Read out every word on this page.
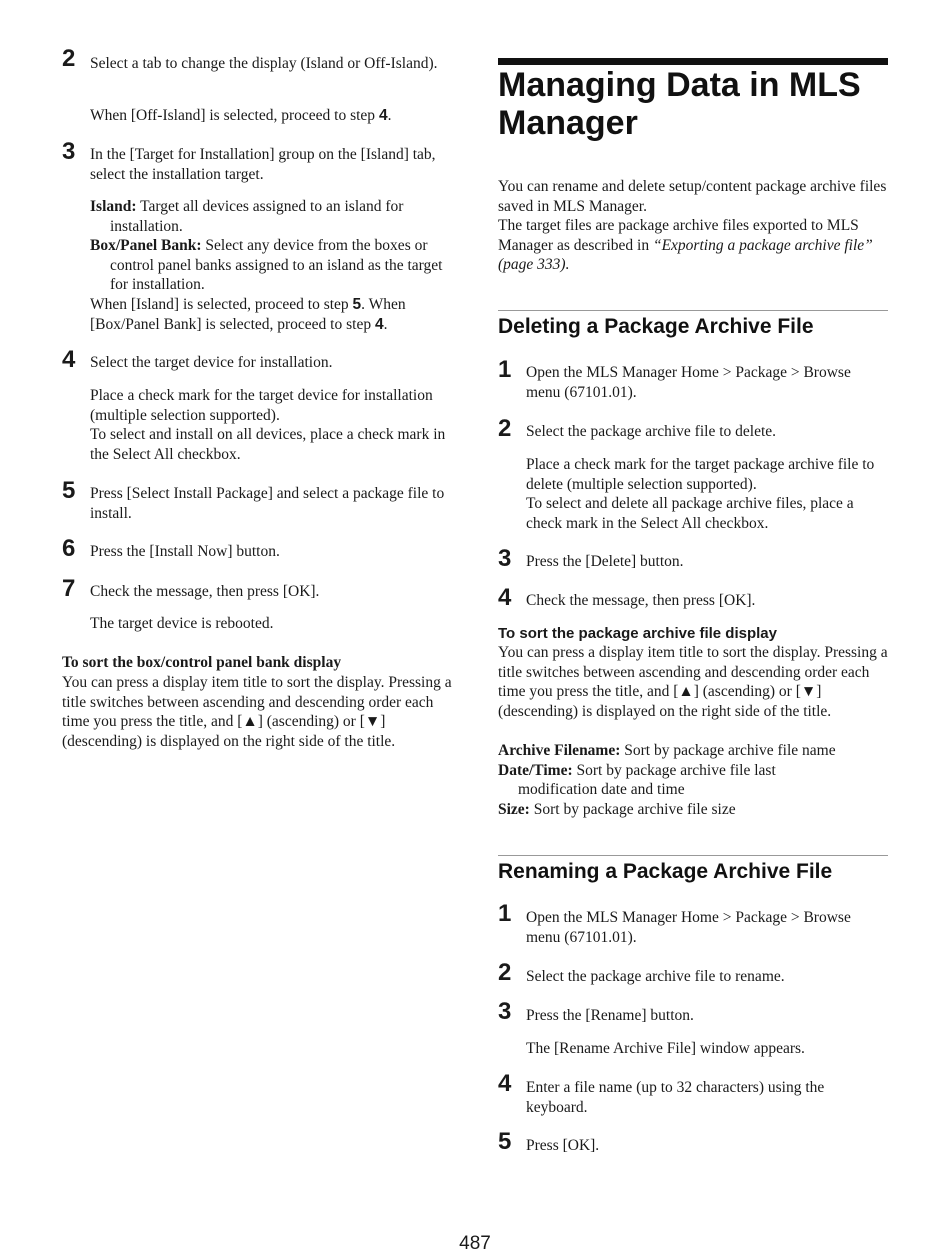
2 Select a tab to change the display (Island or Off-Island).

When [Off-Island] is selected, proceed to step 4.

3 In the [Target for Installation] group on the [Island] tab, select the installation target.

Island: Target all devices assigned to an island for installation.

Box/Panel Bank: Select any device from the boxes or control panel banks assigned to an island as the target for installation.

When [Island] is selected, proceed to step 5. When [Box/Panel Bank] is selected, proceed to step 4.

4 Select the target device for installation.

Place a check mark for the target device for installation (multiple selection supported).

To select and install on all devices, place a check mark in the Select All checkbox.

5 Press [Select Install Package] and select a package file to install.
6 Press the [Install Now] button.
7 Check the message, then press [OK].
The target device is rebooted.
To sort the box/control panel bank display
You can press a display item title to sort the display. Pressing a title switches between ascending and descending order each time you press the title, and [▲] (ascending) or [▼] (descending) is displayed on the right side of the title.
Managing Data in MLS Manager

You can rename and delete setup/content package archive files saved in MLS Manager.

The target files are package archive files exported to MLS Manager as described in “Exporting a package archive file” (page 333).

Deleting a Package Archive File
1 Open the MLS Manager Home > Package > Browse menu (67101.01).
2 Select the package archive file to delete.

Place a check mark for the target package archive file to delete (multiple selection supported).

To select and delete all package archive files, place a check mark in the Select All checkbox.

3 Press the [Delete] button.
4 Check the message, then press [OK].
To sort the package archive file display
You can press a display item title to sort the display. Pressing a title switches between ascending and descending order each time you press the title, and [▲] (ascending) or [▼] (descending) is displayed on the right side of the title.

Archive Filename: Sort by package archive file name

Date/Time: Sort by package archive file last modification date and time

Size: Sort by package archive file size

Renaming a Package Archive File
1 Open the MLS Manager Home > Package > Browse menu (67101.01).
2 Select the package archive file to rename.
3 Press the [Rename] button.
The [Rename Archive File] window appears.
4 Enter a file name (up to 32 characters) using the keyboard.
5 Press [OK].
487
